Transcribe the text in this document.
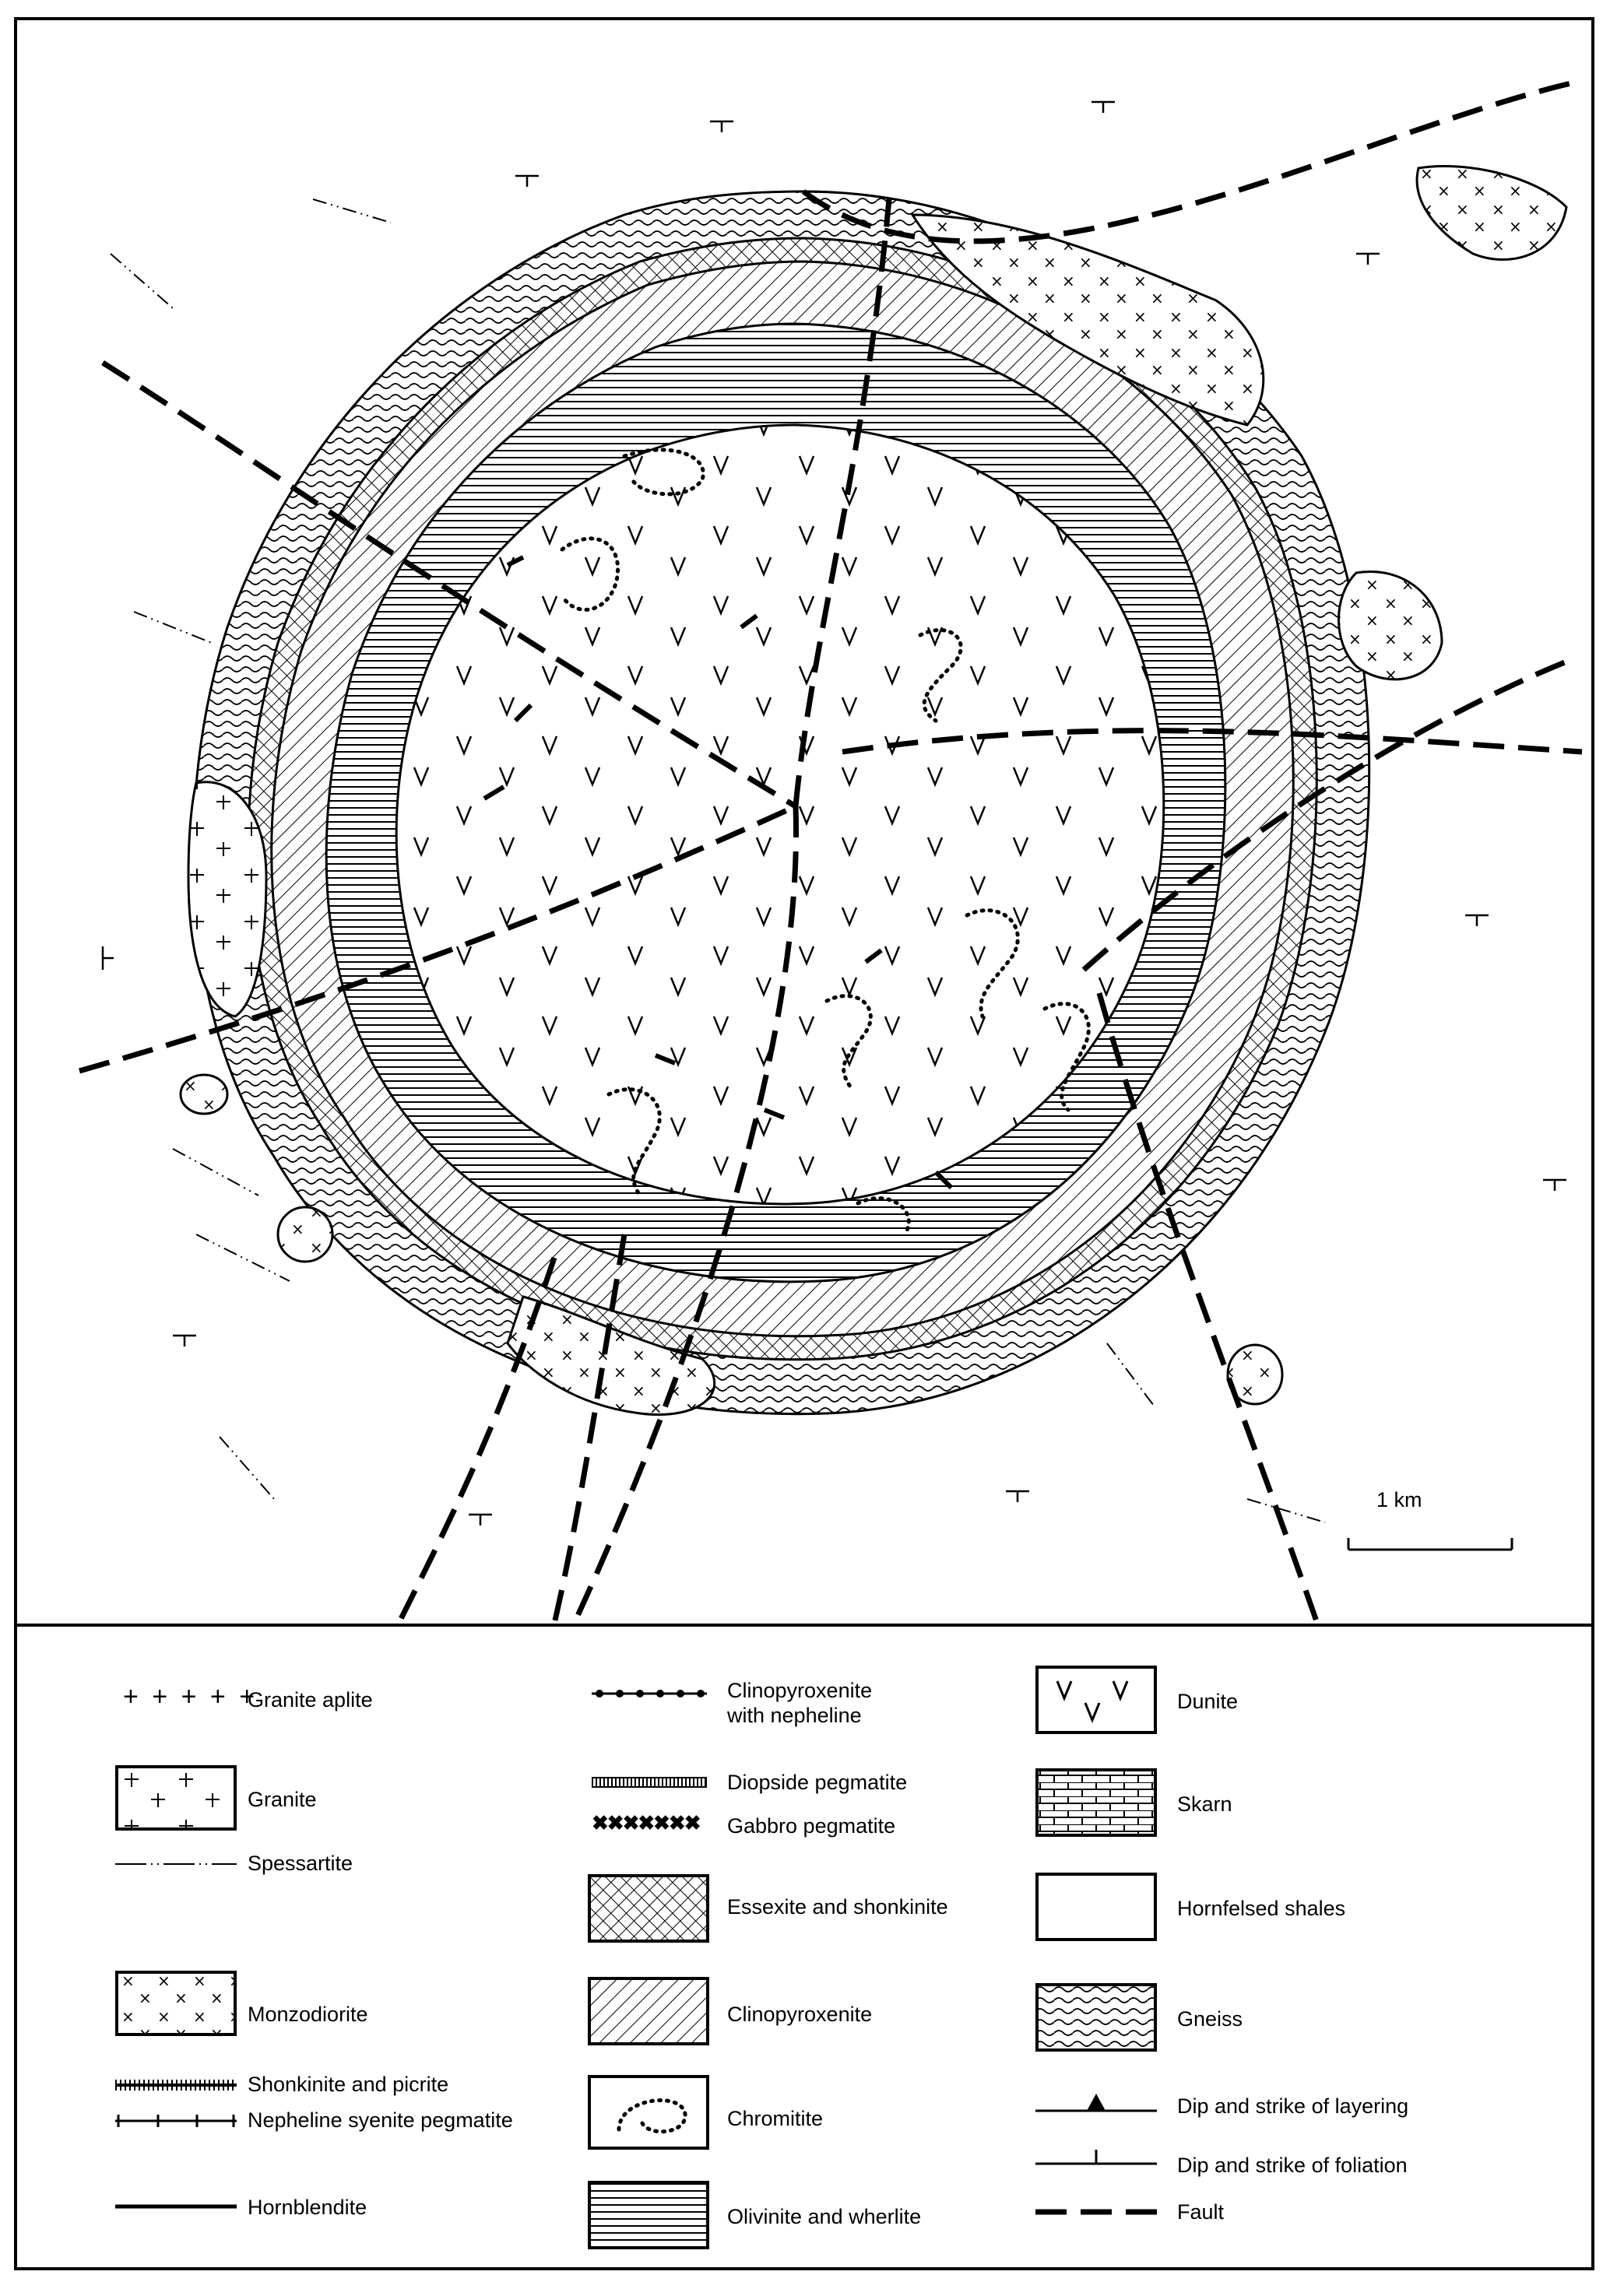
1 km
+ + + + +
Granite aplite
Granite
Spessartite
Monzodiorite
Shonkinite and picrite
Nepheline syenite pegmatite
Hornblendite
Clinopyroxenite
with nepheline
Diopside pegmatite
✖✖✖✖✖✖✖ Gabbro pegmatite
Essexite and shonkinite
Clinopyroxenite
Chromitite
Olivinite and wherlite
Dunite
Skarn
Hornfelsed shales
Gneiss
Dip and strike of layering
Dip and strike of foliation
Fault
